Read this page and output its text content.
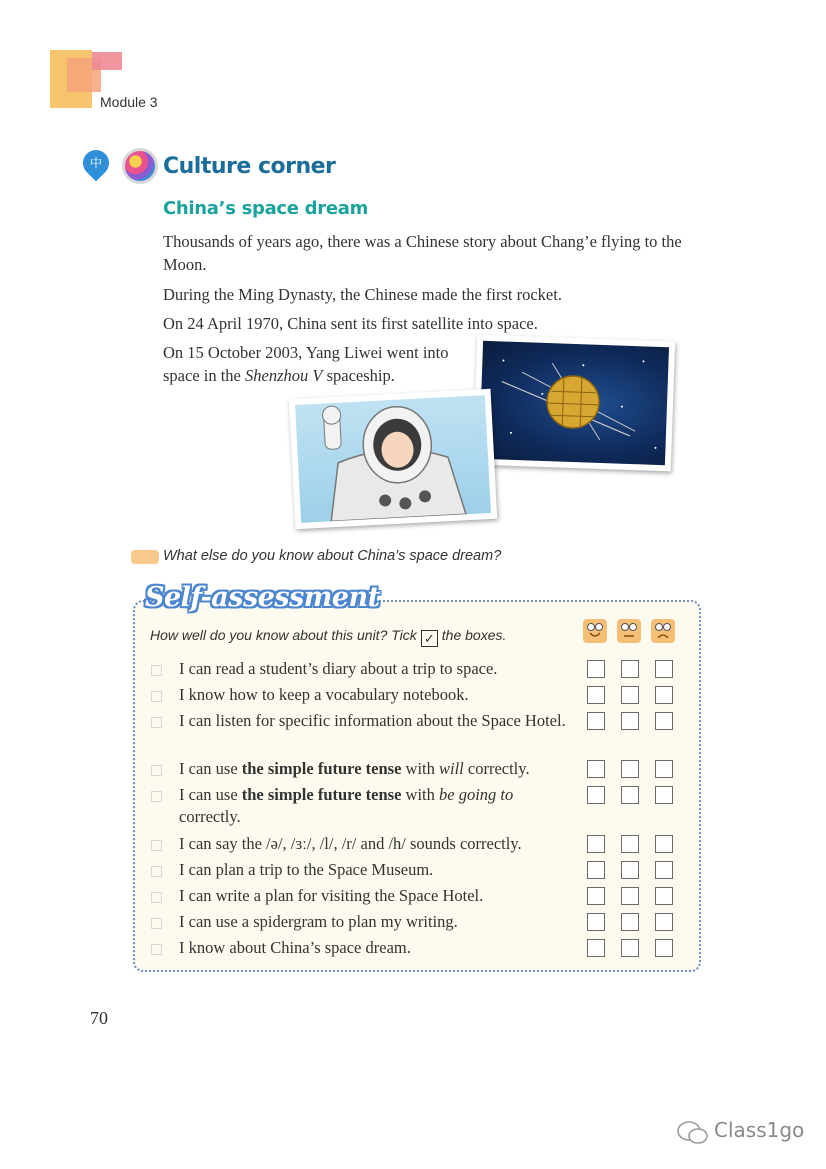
Module 3
中	Culture corner
China’s space dream
Thousands of years ago, there was a Chinese story about Chang’e flying to the Moon.
During the Ming Dynasty, the Chinese made the first rocket.
On 24 April 1970, China sent its first satellite into space.
On 15 October 2003, Yang Liwei went into space in the Shenzhou V spaceship.
What else do you know about China’s space dream?
Self-assessment
How well do you know about this unit? Tick ✓ the boxes.
I can read a student’s diary about a trip to space.
I know how to keep a vocabulary notebook.
I can listen for specific information about the Space Hotel.
I can use the simple future tense with will correctly.
I can use the simple future tense with be going to correctly.
I can say the /ə/, /ɜː/, /l/, /r/ and /h/ sounds correctly.
I can plan a trip to the Space Museum.
I can write a plan for visiting the Space Hotel.
I can use a spidergram to plan my writing.
I know about China’s space dream.
70
Class1go
